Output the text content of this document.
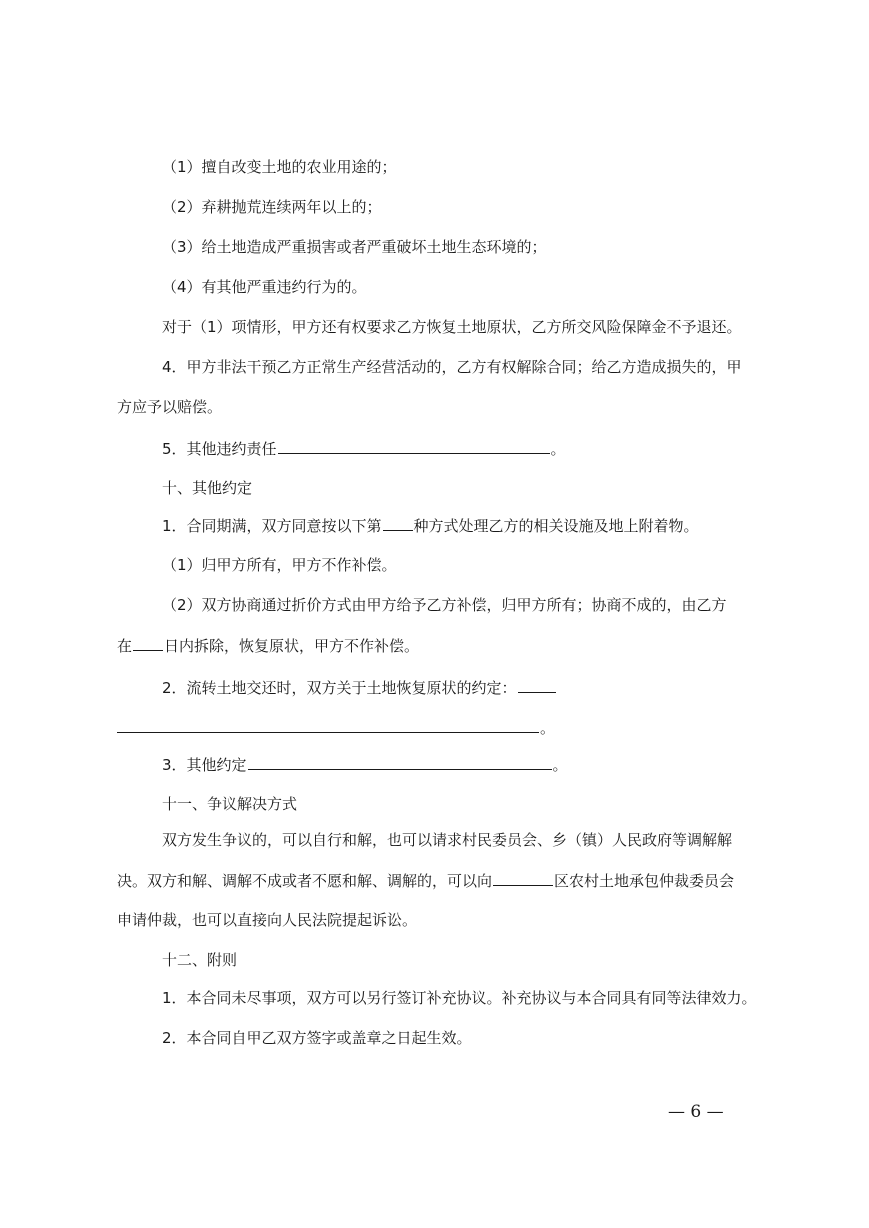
（1）擅自改变土地的农业用途的；
（2）弃耕抛荒连续两年以上的；
（3）给土地造成严重损害或者严重破坏土地生态环境的；
（4）有其他严重违约行为的。
对于（1）项情形，甲方还有权要求乙方恢复土地原状，乙方所交风险保障金不予退还。
4．甲方非法干预乙方正常生产经营活动的，乙方有权解除合同；给乙方造成损失的，甲
方应予以赔偿。
5．其他违约责任	。
十、其他约定
1．合同期满，双方同意按以下第 种方式处理乙方的相关设施及地上附着物。
（1）归甲方所有，甲方不作补偿。
（2）双方协商通过折价方式由甲方给予乙方补偿，归甲方所有；协商不成的，由乙方
在 日内拆除，恢复原状，甲方不作补偿。
2．流转土地交还时，双方关于土地恢复原状的约定：
。
3．其他约定	。
十一、争议解决方式
双方发生争议的，可以自行和解，也可以请求村民委员会、乡（镇）人民政府等调解解
决。双方和解、调解不成或者不愿和解、调解的，可以向	区农村土地承包仲裁委员会
申请仲裁，也可以直接向人民法院提起诉讼。
十二、附则
1．本合同未尽事项，双方可以另行签订补充协议。补充协议与本合同具有同等法律效力。
2．本合同自甲乙双方签字或盖章之日起生效。
— 6 —
